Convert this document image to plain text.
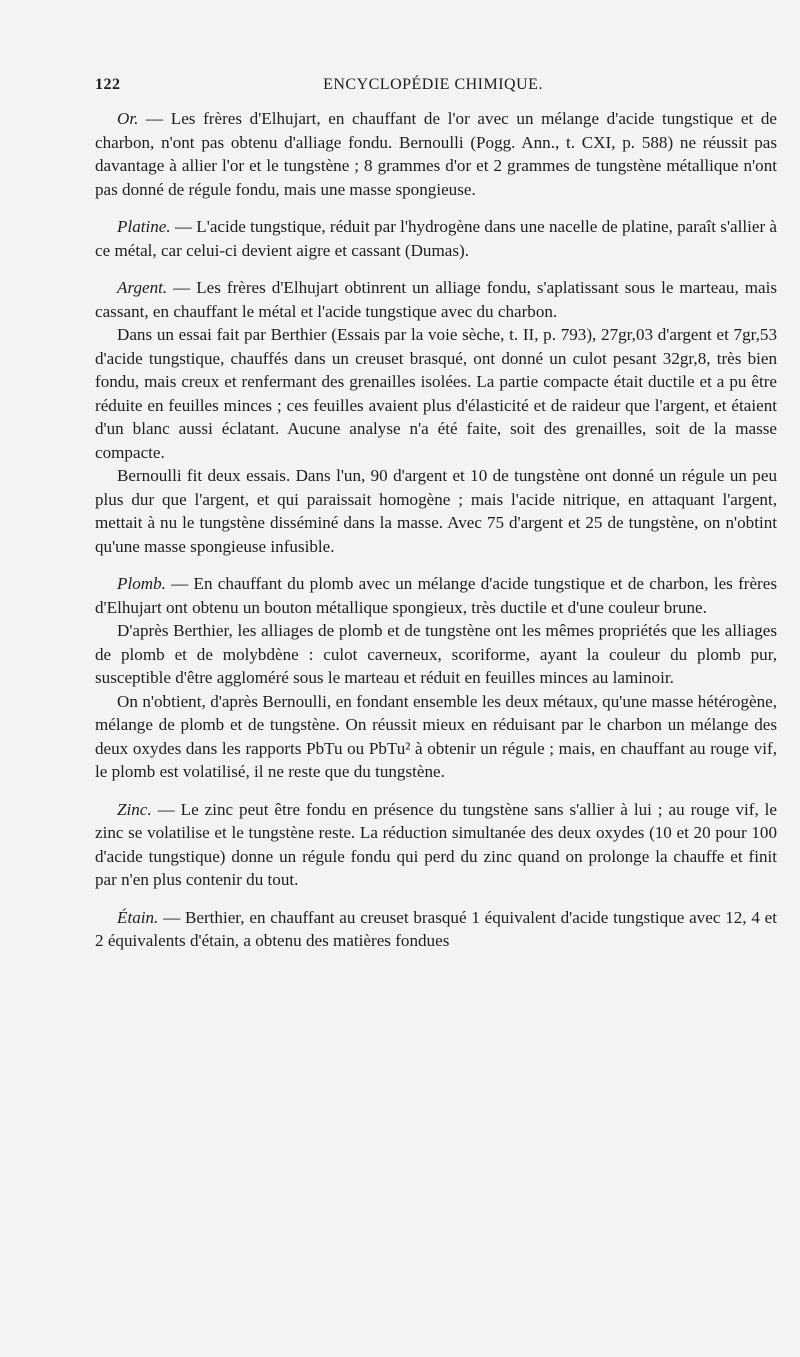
122	ENCYCLOPÉDIE CHIMIQUE.

Or. — Les frères d'Elhujart, en chauffant de l'or avec un mélange d'acide tungstique et de charbon, n'ont pas obtenu d'alliage fondu. Bernoulli (Pogg. Ann., t. CXI, p. 588) ne réussit pas davantage à allier l'or et le tungstène ; 8 grammes d'or et 2 grammes de tungstène métallique n'ont pas donné de régule fondu, mais une masse spongieuse.

Platine. — L'acide tungstique, réduit par l'hydrogène dans une nacelle de platine, paraît s'allier à ce métal, car celui-ci devient aigre et cassant (Dumas).

Argent. — Les frères d'Elhujart obtinrent un alliage fondu, s'aplatissant sous le marteau, mais cassant, en chauffant le métal et l'acide tungstique avec du charbon.

Dans un essai fait par Berthier (Essais par la voie sèche, t. II, p. 793), 27gr,03 d'argent et 7gr,53 d'acide tungstique, chauffés dans un creuset brasqué, ont donné un culot pesant 32gr,8, très bien fondu, mais creux et renfermant des grenailles isolées. La partie compacte était ductile et a pu être réduite en feuilles minces ; ces feuilles avaient plus d'élasticité et de raideur que l'argent, et étaient d'un blanc aussi éclatant. Aucune analyse n'a été faite, soit des grenailles, soit de la masse compacte.

Bernoulli fit deux essais. Dans l'un, 90 d'argent et 10 de tungstène ont donné un régule un peu plus dur que l'argent, et qui paraissait homogène ; mais l'acide nitrique, en attaquant l'argent, mettait à nu le tungstène disséminé dans la masse. Avec 75 d'argent et 25 de tungstène, on n'obtint qu'une masse spongieuse infusible.

Plomb. — En chauffant du plomb avec un mélange d'acide tungstique et de charbon, les frères d'Elhujart ont obtenu un bouton métallique spongieux, très ductile et d'une couleur brune.

D'après Berthier, les alliages de plomb et de tungstène ont les mêmes propriétés que les alliages de plomb et de molybdène : culot caverneux, scoriforme, ayant la couleur du plomb pur, susceptible d'être aggloméré sous le marteau et réduit en feuilles minces au laminoir.

On n'obtient, d'après Bernoulli, en fondant ensemble les deux métaux, qu'une masse hétérogène, mélange de plomb et de tungstène. On réussit mieux en réduisant par le charbon un mélange des deux oxydes dans les rapports PbTu ou PbTu² à obtenir un régule ; mais, en chauffant au rouge vif, le plomb est volatilisé, il ne reste que du tungstène.

Zinc. — Le zinc peut être fondu en présence du tungstène sans s'allier à lui ; au rouge vif, le zinc se volatilise et le tungstène reste. La réduction simultanée des deux oxydes (10 et 20 pour 100 d'acide tungstique) donne un régule fondu qui perd du zinc quand on prolonge la chauffe et finit par n'en plus contenir du tout.

Étain. — Berthier, en chauffant au creuset brasqué 1 équivalent d'acide tungstique avec 12, 4 et 2 équivalents d'étain, a obtenu des matières fondues
